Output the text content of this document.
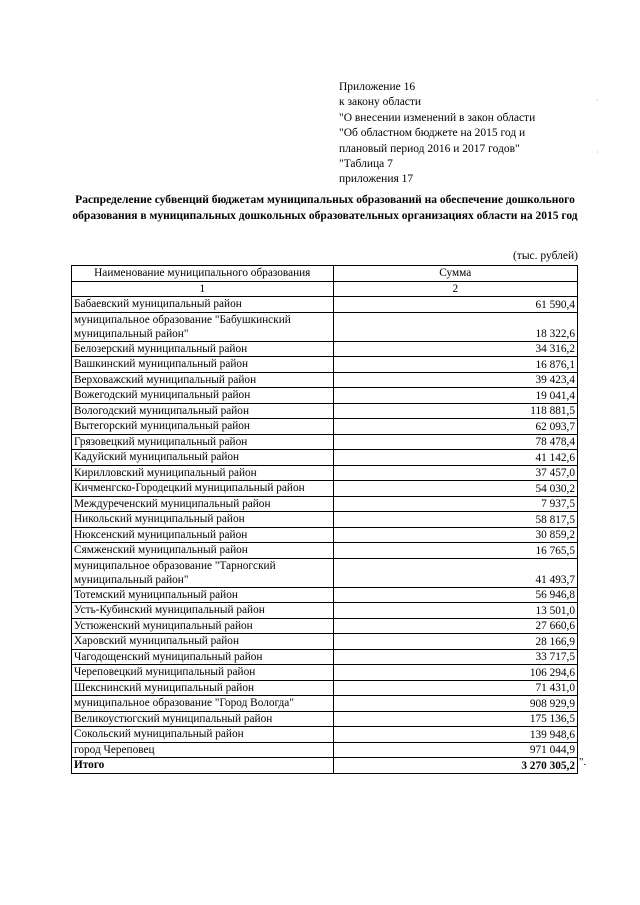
Приложение 16
к закону области
"О внесении изменений в закон области
"Об областном бюджете на 2015 год и
плановый период 2016 и 2017 годов"
"Таблица 7
приложения 17
Распределение субвенций бюджетам муниципальных образований на обеспечение дошкольного образования в муниципальных дошкольных образовательных организациях области на 2015 год
(тыс. рублей)
Наименование муниципального образования	Сумма
1	2
Бабаевский муниципальный район	61 590,4
муниципальное образование "Бабушкинский муниципальный район"	18 322,6
Белозерский муниципальный район	34 316,2
Вашкинский муниципальный район	16 876,1
Верховажский муниципальный район	39 423,4
Вожегодский муниципальный район	19 041,4
Вологодский муниципальный район	118 881,5
Вытегорский муниципальный район	62 093,7
Грязовецкий муниципальный район	78 478,4
Кадуйский муниципальный район	41 142,6
Кирилловский муниципальный район	37 457,0
Кичменгско-Городецкий муниципальный район	54 030,2
Междуреченский муниципальный район	7 937,5
Никольский муниципальный район	58 817,5
Нюксенский муниципальный район	30 859,2
Сямженский муниципальный район	16 765,5
муниципальное образование "Тарногский муниципальный район"	41 493,7
Тотемский муниципальный район	56 946,8
Усть-Кубинский муниципальный район	13 501,0
Устюженский муниципальный район	27 660,6
Харовский муниципальный район	28 166,9
Чагодощенский муниципальный район	33 717,5
Череповецкий муниципальный район	106 294,6
Шекснинский муниципальный район	71 431,0
муниципальное образование "Город Вологда"	908 929,9
Великоустюгский муниципальный район	175 136,5
Сокольский муниципальный район	139 948,6
город Череповец	971 044,9
Итого	3 270 305,2 ".
·
·
